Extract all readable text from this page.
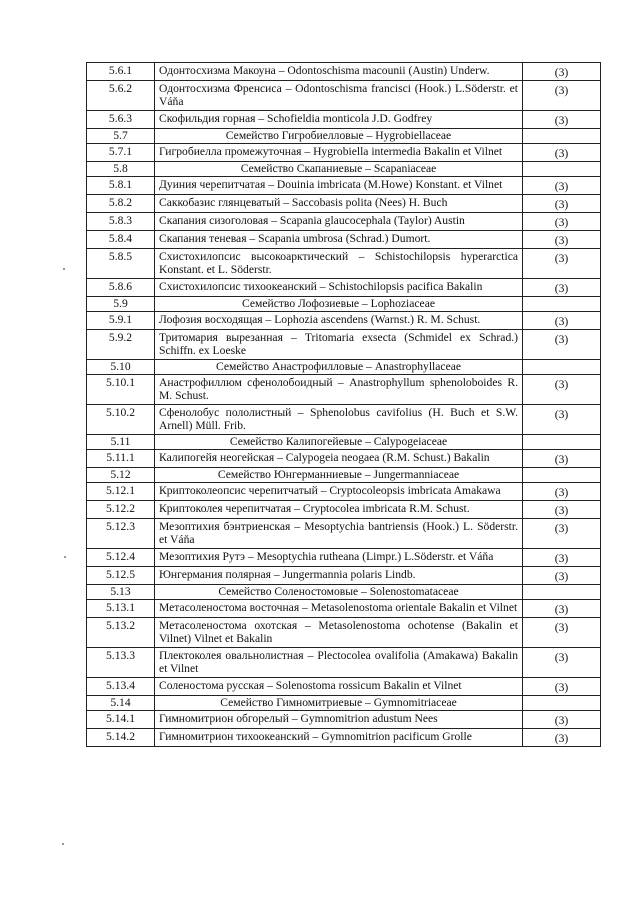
5.6.1	Одонтосхизма Макоуна – Odontoschisma macounii (Austin) Underw.	(3)
5.6.2	Одонтосхизма Френсиса – Odontoschisma francisci (Hook.) L.Söderstr. et Váňa	(3)
5.6.3	Скофильдия горная – Schofieldia monticola J.D. Godfrey	(3)
5.7	Семейство Гигробиелловые – Hygrobiellaceae	
5.7.1	Гигробиелла промежуточная – Hygrobiella intermedia Bakalin et Vilnet	(3)
5.8	Семейство Скапаниевые – Scapaniaceae	
5.8.1	Дуиния черепитчатая – Douinia imbricata (M.Howe) Konstant. et Vilnet	(3)
5.8.2	Саккобазис глянцеватый – Saccobasis polita (Nees) H. Buch	(3)
5.8.3	Скапания сизоголовая – Scapania glaucocephala (Taylor) Austin	(3)
5.8.4	Скапания теневая – Scapania umbrosa (Schrad.) Dumort.	(3)
5.8.5	Схистохилопсис высокоарктический – Schistochilopsis hyperarctica Konstant. et L. Söderstr.	(3)
5.8.6	Схистохилопсис тихоокеанский – Schistochilopsis pacifica Bakalin	(3)
5.9	Семейство Лофозиевые – Lophoziaceae	
5.9.1	Лофозия восходящая – Lophozia ascendens (Warnst.) R. M. Schust.	(3)
5.9.2	Тритомария вырезанная – Tritomaria exsecta (Schmidel ex Schrad.) Schiffn. ex Loeske	(3)
5.10	Семейство Анастрофилловые – Anastrophyllaceae	
5.10.1	Анастрофиллюм сфенолобоидный – Anastrophyllum sphenoloboides R. M. Schust.	(3)
5.10.2	Сфенолобус пололистный – Sphenolobus cavifolius (H. Buch et S.W. Arnell) Müll. Frib.	(3)
5.11	Семейство Калипогейевые – Calypogeiaceae	
5.11.1	Калипогейя неогейская – Calypogeia neogaea (R.M. Schust.) Bakalin	(3)
5.12	Семейство Юнгерманниевые – Jungermanniaceae	
5.12.1	Криптоколеопсис черепитчатый – Cryptocoleopsis imbricata Amakawa	(3)
5.12.2	Криптоколея черепитчатая – Cryptocolea imbricata R.M. Schust.	(3)
5.12.3	Мезоптихия бэнтриенская – Mesoptychia bantriensis (Hook.) L. Söderstr. et Váňa	(3)
5.12.4	Мезоптихия Рутэ – Mesoptychia rutheana (Limpr.) L.Söderstr. et Váňa	(3)
5.12.5	Юнгермания полярная – Jungermannia polaris Lindb.	(3)
5.13	Семейство Соленостомовые – Solenostomataceae	
5.13.1	Метасоленостома восточная – Metasolenostoma orientale Bakalin et Vilnet	(3)
5.13.2	Метасоленостома охотская – Metasolenostoma ochotense (Bakalin et Vilnet) Vilnet et Bakalin	(3)
5.13.3	Плектоколея овальнолистная – Plectocolea ovalifolia (Amakawa) Bakalin et Vilnet	(3)
5.13.4	Соленостома русская – Solenostoma rossicum Bakalin et Vilnet	(3)
5.14	Семейство Гимномитриевые – Gymnomitriaceae	
5.14.1	Гимномитрион обгорелый – Gymnomitrion adustum Nees	(3)
5.14.2	Гимномитрион тихоокеанский – Gymnomitrion pacificum Grolle	(3)
